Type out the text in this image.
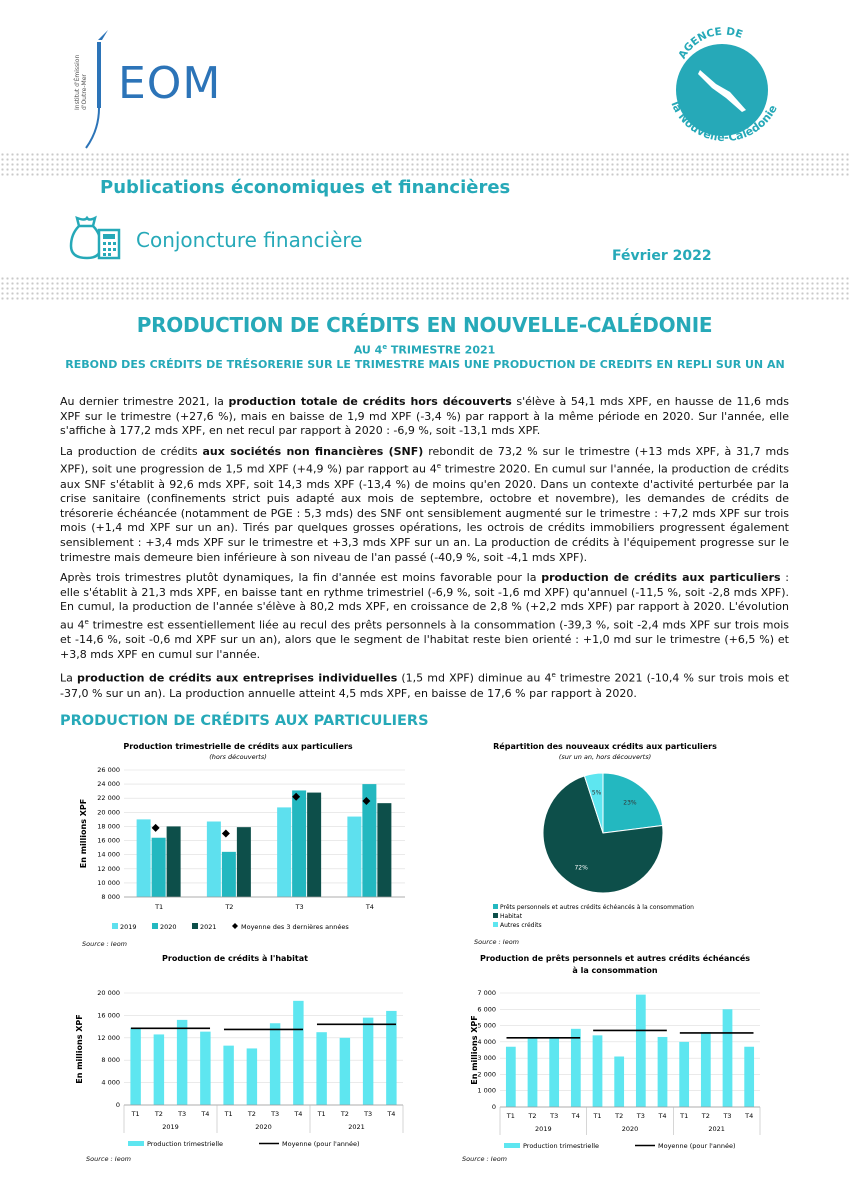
Institut d'Émission d'Outre-Mer EOM
AGENCE DE
la Nouvelle-Calédonie
Publications économiques et financières
Conjoncture financière
Février 2022
PRODUCTION DE CRÉDITS EN NOUVELLE-CALÉDONIE
AU 4e TRIMESTRE 2021
REBOND DES CRÉDITS DE TRÉSORERIE SUR LE TRIMESTRE MAIS UNE PRODUCTION DE CREDITS EN REPLI SUR UN AN

Au dernier trimestre 2021, la production totale de crédits hors découverts s'élève à 54,1 mds XPF, en hausse de 11,6 mds XPF sur le trimestre (+27,6 %), mais en baisse de 1,9 md XPF (-3,4 %) par rapport à la même période en 2020. Sur l'année, elle s'affiche à 177,2 mds XPF, en net recul par rapport à 2020 : -6,9 %, soit -13,1 mds XPF.

La production de crédits aux sociétés non financières (SNF) rebondit de 73,2 % sur le trimestre (+13 mds XPF, à 31,7 mds XPF), soit une progression de 1,5 md XPF (+4,9 %) par rapport au 4e trimestre 2020. En cumul sur l'année, la production de crédits aux SNF s'établit à 92,6 mds XPF, soit 14,3 mds XPF (-13,4 %) de moins qu'en 2020. Dans un contexte d'activité perturbée par la crise sanitaire (confinements strict puis adapté aux mois de septembre, octobre et novembre), les demandes de crédits de trésorerie échéancée (notamment de PGE : 5,3 mds) des SNF ont sensiblement augmenté sur le trimestre : +7,2 mds XPF sur trois mois (+1,4 md XPF sur un an). Tirés par quelques grosses opérations, les octrois de crédits immobiliers progressent également sensiblement : +3,4 mds XPF sur le trimestre et +3,3 mds XPF sur un an. La production de crédits à l'équipement progresse sur le trimestre mais demeure bien inférieure à son niveau de l'an passé (-40,9 %, soit -4,1 mds XPF).

Après trois trimestres plutôt dynamiques, la fin d'année est moins favorable pour la production de crédits aux particuliers : elle s'établit à 21,3 mds XPF, en baisse tant en rythme trimestriel (-6,9 %, soit -1,6 md XPF) qu'annuel (-11,5 %, soit -2,8 mds XPF). En cumul, la production de l'année s'élève à 80,2 mds XPF, en croissance de 2,8 % (+2,2 mds XPF) par rapport à 2020. L'évolution au 4e trimestre est essentiellement liée au recul des prêts personnels à la consommation (-39,3 %, soit -2,4 mds XPF sur trois mois et -14,6 %, soit -0,6 md XPF sur un an), alors que le segment de l'habitat reste bien orienté : +1,0 md sur le trimestre (+6,5 %) et +3,8 mds XPF en cumul sur l'année.

La production de crédits aux entreprises individuelles (1,5 md XPF) diminue au 4e trimestre 2021 (-10,4 % sur trois mois et -37,0 % sur un an). La production annuelle atteint 4,5 mds XPF, en baisse de 17,6 % par rapport à 2020.

PRODUCTION DE CRÉDITS AUX PARTICULIERS
Production trimestrielle de crédits aux particuliers
(hors découverts)
8 000
10 000
12 000
14 000
16 000
18 000
20 000
22 000
24 000
26 000
En millions XPF
T1	T2	T3	T4
2019	2020	2021	Moyenne des 3 dernières années
Répartition des nouveaux crédits aux particuliers
(sur un an, hors découverts)
23%
72%
5%
Prêts personnels et autres crédits échéancés à la consommation
Habitat
Autres crédits
Production de crédits à l'habitat
0
4 000
8 000
12 000
16 000
20 000
En millions XPF
T1 T2 T3 T4 T1 T2 T3 T4 T1 T2 T3 T4
2019	2020	2021
Production trimestrielle	Moyenne (pour l'année)
Production de prêts personnels et autres crédits échéancés
à la consommation
0
1 000
2 000
3 000
4 000
5 000
6 000
7 000
En millions XPF
T1 T2 T3 T4 T1 T2 T3 T4 T1 T2 T3 T4
2019	2020	2021
Production trimestrielle	Moyenne (pour l'année)
Source : Ieom	Source : Ieom
Source : Ieom	Source : Ieom
